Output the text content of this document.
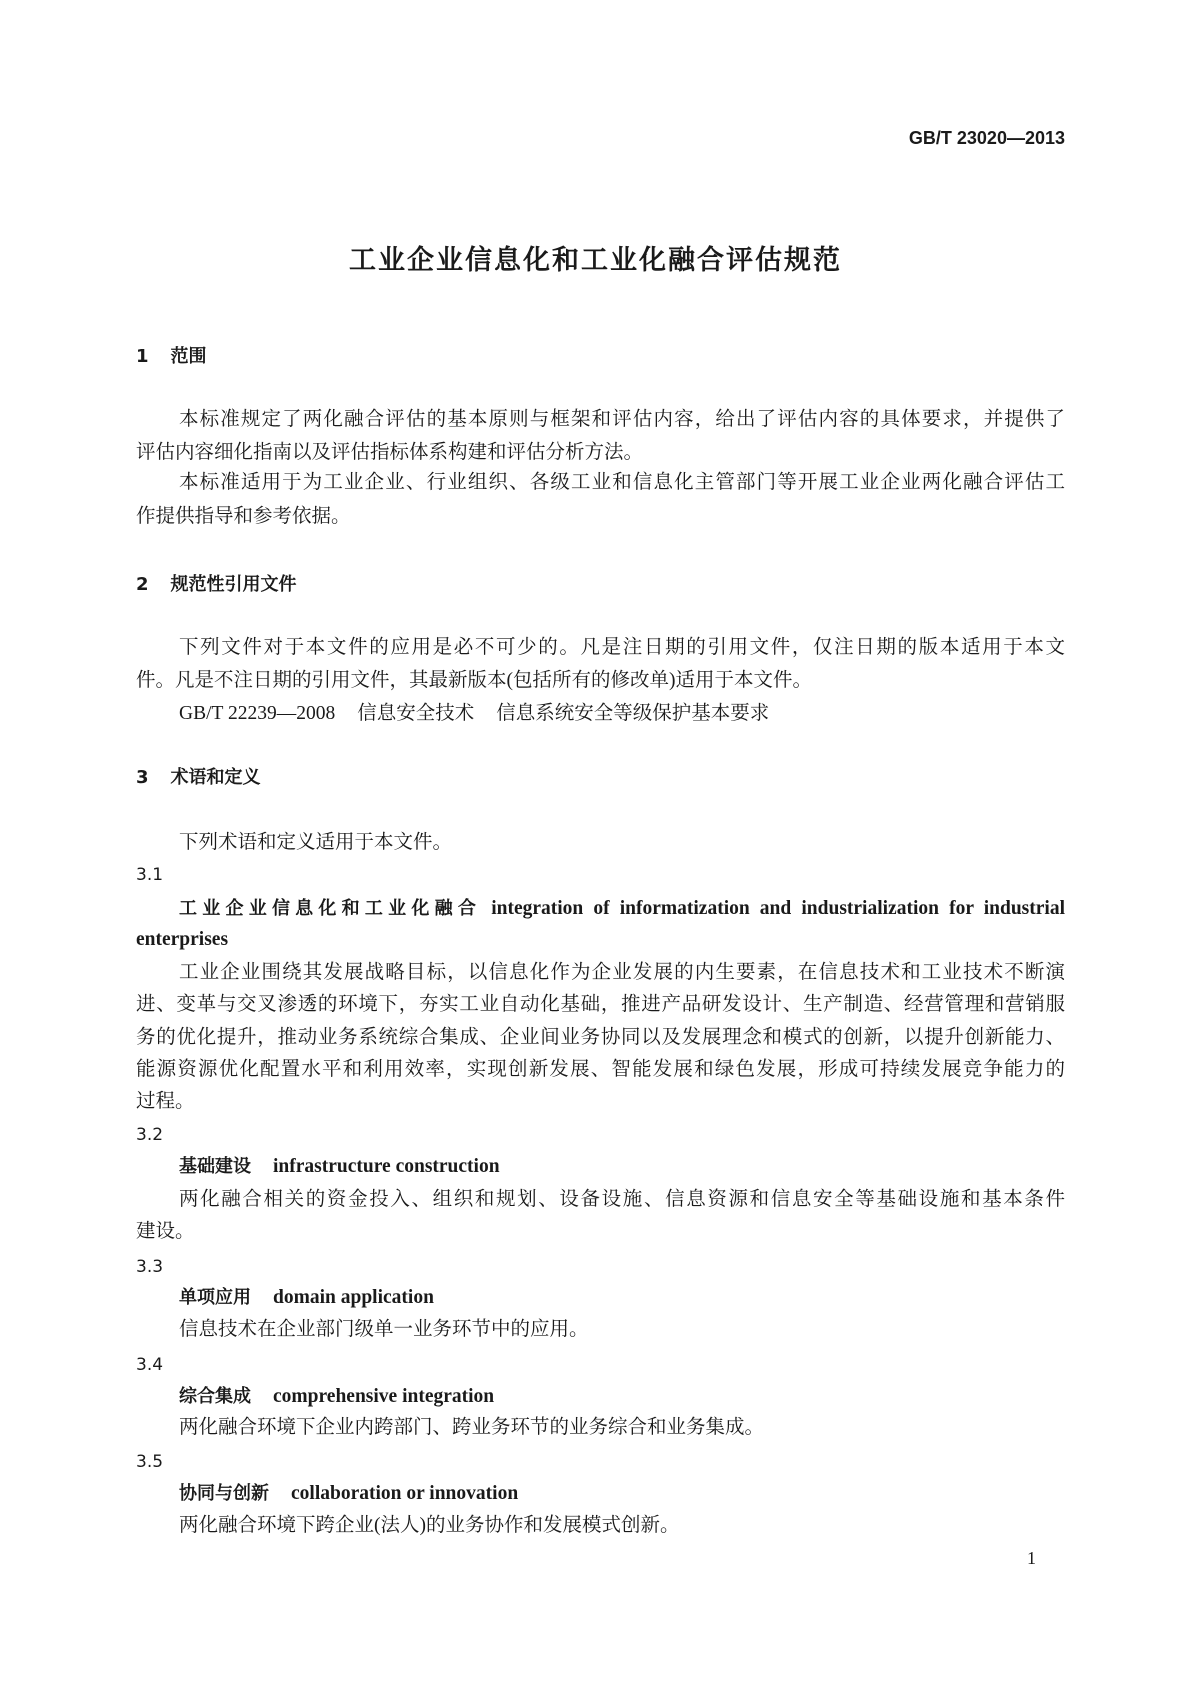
GB/T 23020—2013
工业企业信息化和工业化融合评估规范
1 范围
本标准规定了两化融合评估的基本原则与框架和评估内容，给出了评估内容的具体要求，并提供了
评估内容细化指南以及评估指标体系构建和评估分析方法。
本标准适用于为工业企业、行业组织、各级工业和信息化主管部门等开展工业企业两化融合评估工
作提供指导和参考依据。
2 规范性引用文件
下列文件对于本文件的应用是必不可少的。凡是注日期的引用文件，仅注日期的版本适用于本文
件。凡是不注日期的引用文件，其最新版本(包括所有的修改单)适用于本文件。
GB/T 22239—2008 信息安全技术 信息系统安全等级保护基本要求
3 术语和定义
下列术语和定义适用于本文件。
3.1
工业企业信息化和工业化融合 integration of informatization and industrialization for industrial
enterprises
工业企业围绕其发展战略目标，以信息化作为企业发展的内生要素，在信息技术和工业技术不断演
进、变革与交叉渗透的环境下，夯实工业自动化基础，推进产品研发设计、生产制造、经营管理和营销服
务的优化提升，推动业务系统综合集成、企业间业务协同以及发展理念和模式的创新，以提升创新能力、
能源资源优化配置水平和利用效率，实现创新发展、智能发展和绿色发展，形成可持续发展竞争能力的
过程。
3.2
基础建设 infrastructure construction
两化融合相关的资金投入、组织和规划、设备设施、信息资源和信息安全等基础设施和基本条件
建设。
3.3
单项应用 domain application
信息技术在企业部门级单一业务环节中的应用。
3.4
综合集成 comprehensive integration
两化融合环境下企业内跨部门、跨业务环节的业务综合和业务集成。
3.5
协同与创新 collaboration or innovation
两化融合环境下跨企业(法人)的业务协作和发展模式创新。
1
